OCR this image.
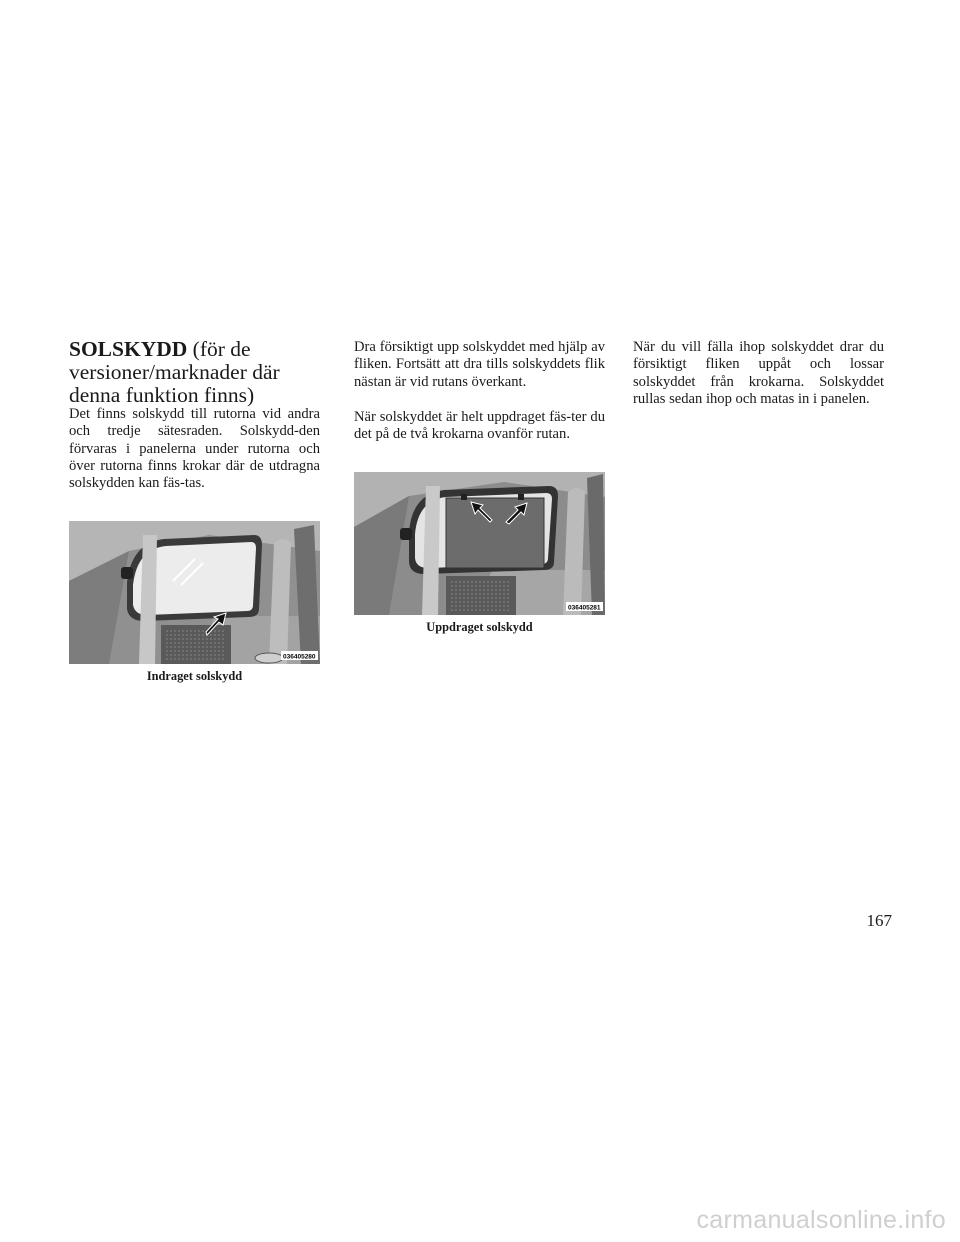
SOLSKYDD (för de versioner/marknader där denna funktion finns)

Det finns solskydd till rutorna vid andra och tredje sätesraden. Solskydd-den förvaras i panelerna under rutorna och över rutorna finns krokar där de utdragna solskydden kan fäs-tas.

036405280
Indraget solskydd

Dra försiktigt upp solskyddet med hjälp av fliken. Fortsätt att dra tills solskyddets flik nästan är vid rutans överkant.

När solskyddet är helt uppdraget fäs-ter du det på de två krokarna ovanför rutan.

036405281
Uppdraget solskydd

När du vill fälla ihop solskyddet drar du försiktigt fliken uppåt och lossar solskyddet från krokarna. Solskyddet rullas sedan ihop och matas in i panelen.

167
carmanualsonline.info
